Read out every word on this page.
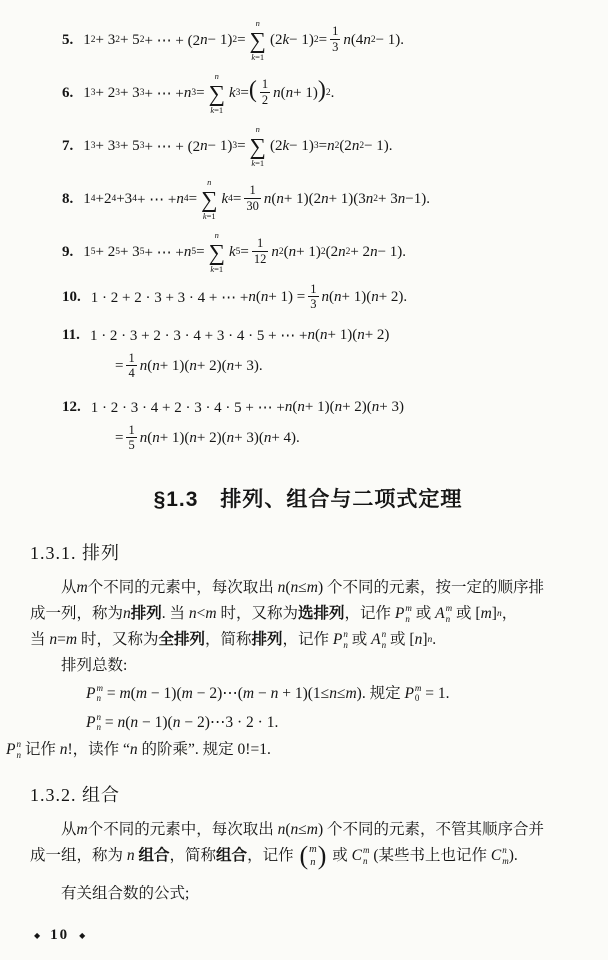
5. 1 2 + 3 2 + 5 2 + ⋯ + (2 n − 1) 2 =
n
∑
k=1
(2 k − 1) $2 = \frac{1}{3}$ n (4 n 2 − 1).
6. 1 3 + 2 3 + 3 3 + ⋯ + n 3 =
n
∑
k=1
k 3 = ( $\frac{1}{2}$ n ( n + 1) ) 2 .
7. 1 3 + 3 3 + 5 3 + ⋯ + (2 n − 1) 3 =
n
∑
k=1
(2 k − 1) 3 = n 2 (2 n 2 − 1).
8. 1 4 +2 4 +3 4 + ⋯ + n 4 =
n
∑
k=1
k $4 = \frac{1}{30}$ n ( n + 1)(2 n + 1)(3 n 2 + 3 n −1).
9. 1 5 + 2 5 + 3 5 + ⋯ + n 5 =
n
∑
k=1
k $5 = \frac{1}{12}$ n 2 ( n + 1) 2 (2 n 2 + 2 n − 1).
10. 1 · 2 + 2 · 3 + 3 · 4 + ⋯ + n ( $n + 1) = \frac{1}{3}$ n ( n + 1)( n + 2).
11. 1 · 2 · 3 + 2 · 3 · 4 + 3 · 4 · 5 + ⋯ + n ( n + 1)( n + 2)
= $\frac{1}{4}$ n ( n + 1)( n + 2)( n + 3).
12. 1 · 2 · 3 · 4 + 2 · 3 · 4 · 5 + ⋯ + n ( n + 1)( n + 2)( n + 3)
= $\frac{1}{5}$ n ( n + 1)( n + 2)( n + 3)( n + 4).
§1.3　排列、组合与二项式定理
1.3.1. 排列
从m个不同的元素中，每次取出 n(n≤m) 个不同的元素，按一定的顺序排
成一列，称为n排列. 当 n<m 时，又称为选排列，记作 P m
n 或 A m
n 或 [m] n ，
当 n=m 时，又称为全排列，简称排列，记作 P n
n 或 A n
n 或 [n] n .
排列总数:
P m
n = m(m − 1)(m − 2)⋯(m − n + 1)(1≤n≤m). 规定 P m
0 = 1.
P n
n = n(n − 1)(n − 2)⋯3 · 2 · 1.
P n
n 记作 n!，读作 “n 的阶乘”. 规定 0!=1.
1.3.2. 组合
从m个不同的元素中，每次取出 n(n≤m) 个不同的元素，不管其顺序合并
成一组，称为 n 组合，简称组合，记作 ( m
n ) 或 C m
n (某些书上也记作 C n
m ).
有关组合数的公式;
◆ 10 ◆
